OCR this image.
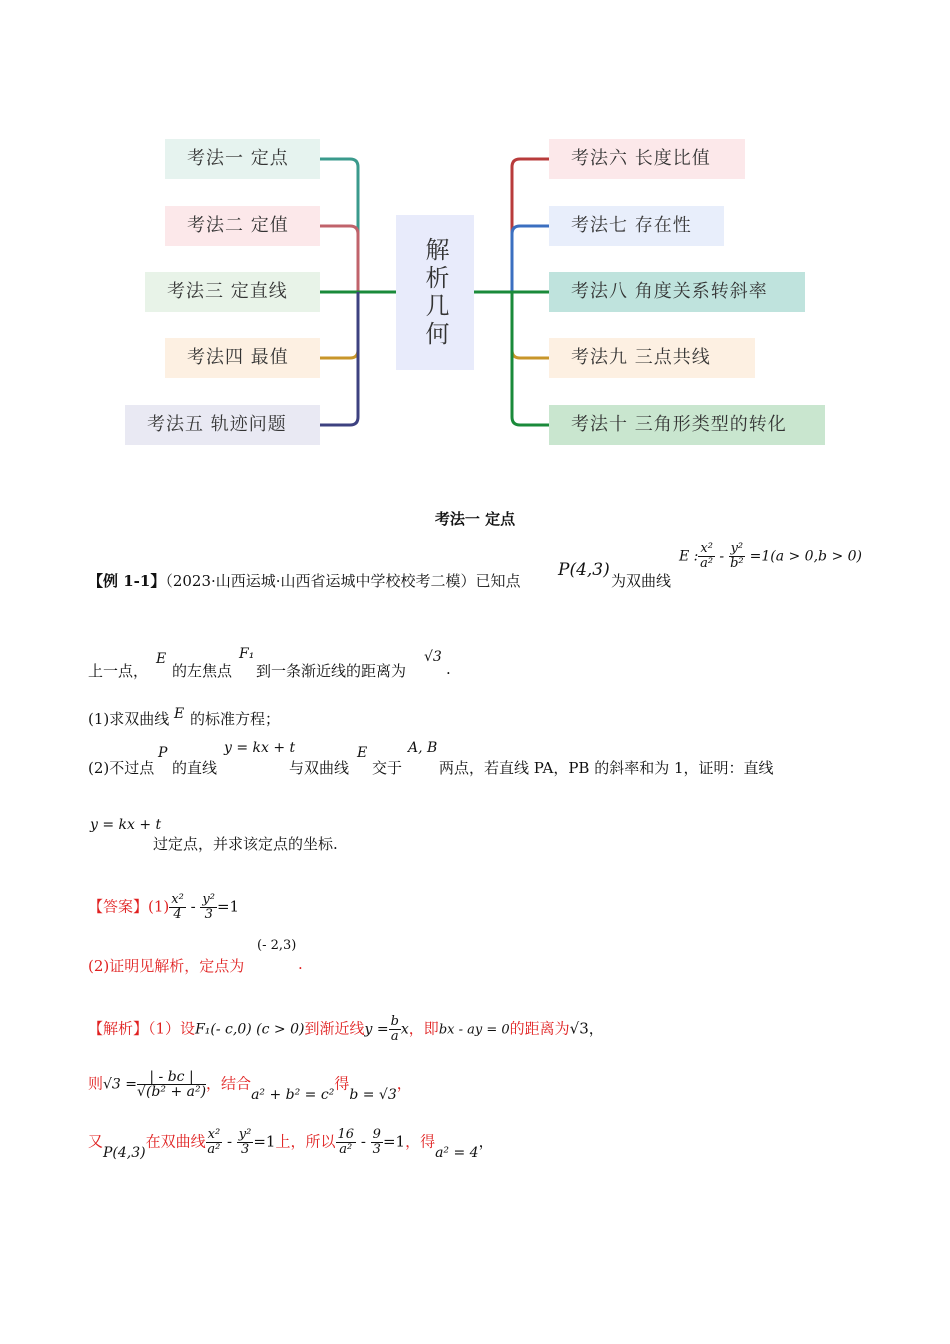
考法一 定点
考法二 定值
考法三 定直线
考法四 最值
考法五 轨迹问题
解析几何
考法六 长度比值
考法七 存在性
考法八 角度关系转斜率
考法九 三点共线
考法十 三角形类型的转化
考法一 定点
【例 1-1】（2023·山西运城·山西省运城中学校校考二模）已知点
P(4,3)
为双曲线
E : $\frac{\text{x²}}{\text{a²}} - \frac{\text{y²}}{\text{b²}} =1(a > 0,b > 0)$
上一点，
E
的左焦点
F₁
到一条渐近线的距离为
√3
.
(1)求双曲线 E 的标准方程；
(2)不过点
P
的直线
y = kx + t
与双曲线
E
交于
A, B
两点，若直线 PA，PB 的斜率和为 1，证明：直线
y = kx + t
过定点，并求该定点的坐标.
【答案】$(1) \frac{\text{x²}}{4} - \frac{\text{y²}}{3} =1$
(2)证明见解析，定点为
(- 2,3)
.
【解析】（1）设F₁(- c,0) (c > 0)到渐近线$y = \frac{b}{a}$ x，即bx - ay = 0的距离为√3，
则$√3 = \frac{| - bc |}{\text{√(b² + a²)}}$ ，结合a² + b² = c²得b = √3，
又P(4,3)在双曲线 $\frac{\text{x²}}{\text{a²}} - \frac{\text{y²}}{3} =1$上，所以 $\frac{16}{\text{a²}} - \frac{9}{3} =1$，得a² = 4，
